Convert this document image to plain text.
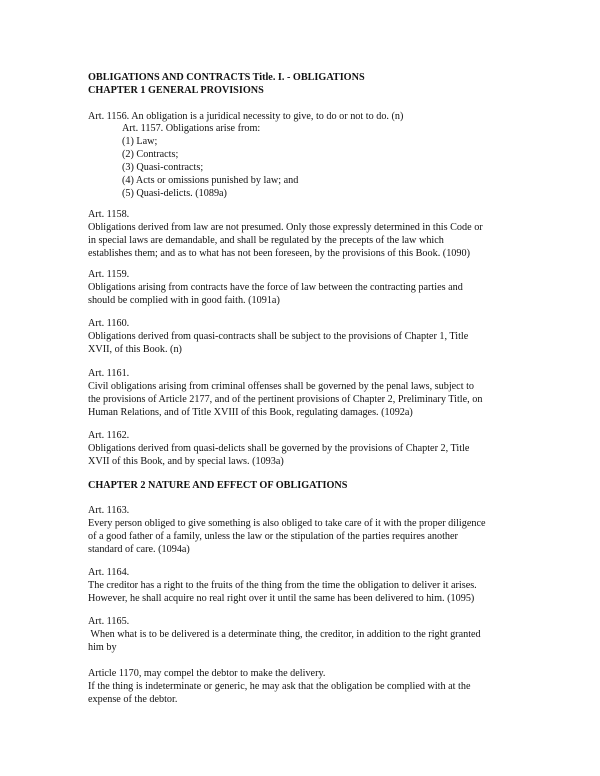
OBLIGATIONS AND CONTRACTS Title. I. - OBLIGATIONS
CHAPTER 1 GENERAL PROVISIONS
Art. 1156. An obligation is a juridical necessity to give, to do or not to do. (n)
Art. 1157. Obligations arise from:
(1) Law;
(2) Contracts;
(3) Quasi-contracts;
(4) Acts or omissions punished by law; and
(5) Quasi-delicts. (1089a)
Art. 1158.
Obligations derived from law are not presumed. Only those expressly determined in this Code or
in special laws are demandable, and shall be regulated by the precepts of the law which
establishes them; and as to what has not been foreseen, by the provisions of this Book. (1090)
Art. 1159.
Obligations arising from contracts have the force of law between the contracting parties and
should be complied with in good faith. (1091a)
Art. 1160.
Obligations derived from quasi-contracts shall be subject to the provisions of Chapter 1, Title
XVII, of this Book. (n)
Art. 1161.
Civil obligations arising from criminal offenses shall be governed by the penal laws, subject to
the provisions of Article 2177, and of the pertinent provisions of Chapter 2, Preliminary Title, on
Human Relations, and of Title XVIII of this Book, regulating damages. (1092a)
Art. 1162.
Obligations derived from quasi-delicts shall be governed by the provisions of Chapter 2, Title
XVII of this Book, and by special laws. (1093a)
CHAPTER 2 NATURE AND EFFECT OF OBLIGATIONS
Art. 1163.
Every person obliged to give something is also obliged to take care of it with the proper diligence
of a good father of a family, unless the law or the stipulation of the parties requires another
standard of care. (1094a)
Art. 1164.
The creditor has a right to the fruits of the thing from the time the obligation to deliver it arises.
However, he shall acquire no real right over it until the same has been delivered to him. (1095)
Art. 1165.
When what is to be delivered is a determinate thing, the creditor, in addition to the right granted
him by
Article 1170, may compel the debtor to make the delivery.
If the thing is indeterminate or generic, he may ask that the obligation be complied with at the
expense of the debtor.
